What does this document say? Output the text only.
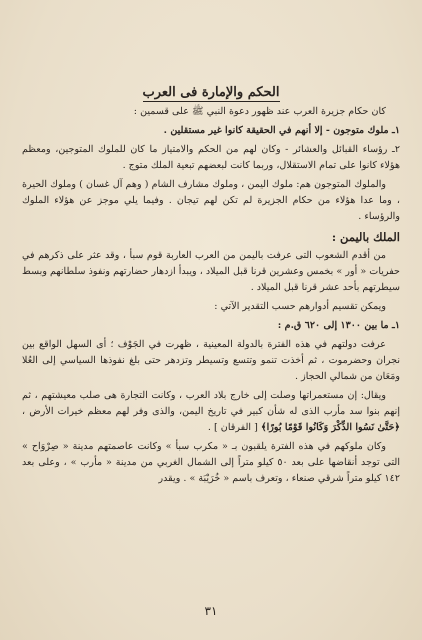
الحكم والإمارة فى العرب

كان حكام جزيرة العرب عند ظهور دعوة النبي ﷺ على قسمين :

١ـ ملوك متوجون - إلا أنهم في الحقيقة كانوا غير مستقلين .

٢ـ رؤساء القبائل والعشائر - وكان لهم من الحكم والامتياز ما كان للملوك المتوجين، ومعظم هؤلاء كانوا على تمام الاستقلال، وربما كانت لبعضهم تبعية الملك متوج .

والملوك المتوجون هم: ملوك اليمن ، وملوك مشارف الشام ( وهم آل غسان ) وملوك الحيرة ، وما عدا هؤلاء من حكام الجزيرة لم تكن لهم تيجان . وفيما يلي موجز عن هؤلاء الملوك والرؤساء .

الملك باليمن :

من أقدم الشعوب التى عرفت باليمن من العرب العاربة قوم سبأ ، وقد عثر على ذكرهم في حفريات « أور » بخمس وعشرين قرنا قبل الميلاد ، ويبدأ ازدهار حضارتهم ونفوذ سلطانهم وبسط سيطرتهم بأحد عشر قرنا قبل الميلاد .

ويمكن تقسيم أدوارهم حسب التقدير الآتي :

١ـ ما بين ١٣٠٠ إلى ٦٢٠ ق.م :

عرفت دولتهم في هذه الفترة بالدولة المعينية ، ظهرت في الجَوْف ؛ أى السهل الواقع بين نجران وحضرموت ، ثم أخذت تنمو وتتسع وتسيطر وتزدهر حتى بلغ نفوذها السياسي إلى العُلا ومَعَان من شمالي الحجاز .

ويقال: إن مستعمراتها وصلت إلى خارج بلاد العرب ، وكانت التجارة هى صلب معيشتهم ، ثم إنهم بنوا سد مأرب الذى له شأن كبير في تاريخ اليمن، والذى وفر لهم معظم خيرات الأرض ، ﴿حَتَّىٰ نَسُوا الذِّكْرَ وَكَانُوا قَوْمًا بُورًا﴾ [ الفرقان ] .

وكان ملوكهم في هذه الفترة يلقبون بـ « مكرب سبأ » وكانت عاصمتهم مدينة « صِرْوَاح » التى توجد أنقاضها على بعد ٥٠ كيلو متراً إلى الشمال الغربي من مدينة « مأرب » ، وعلى بعد ١٤٢ كيلو متراً شرقي صنعاء ، وتعرف باسم « خُرَيْبَة » . ويقدر

٣١
